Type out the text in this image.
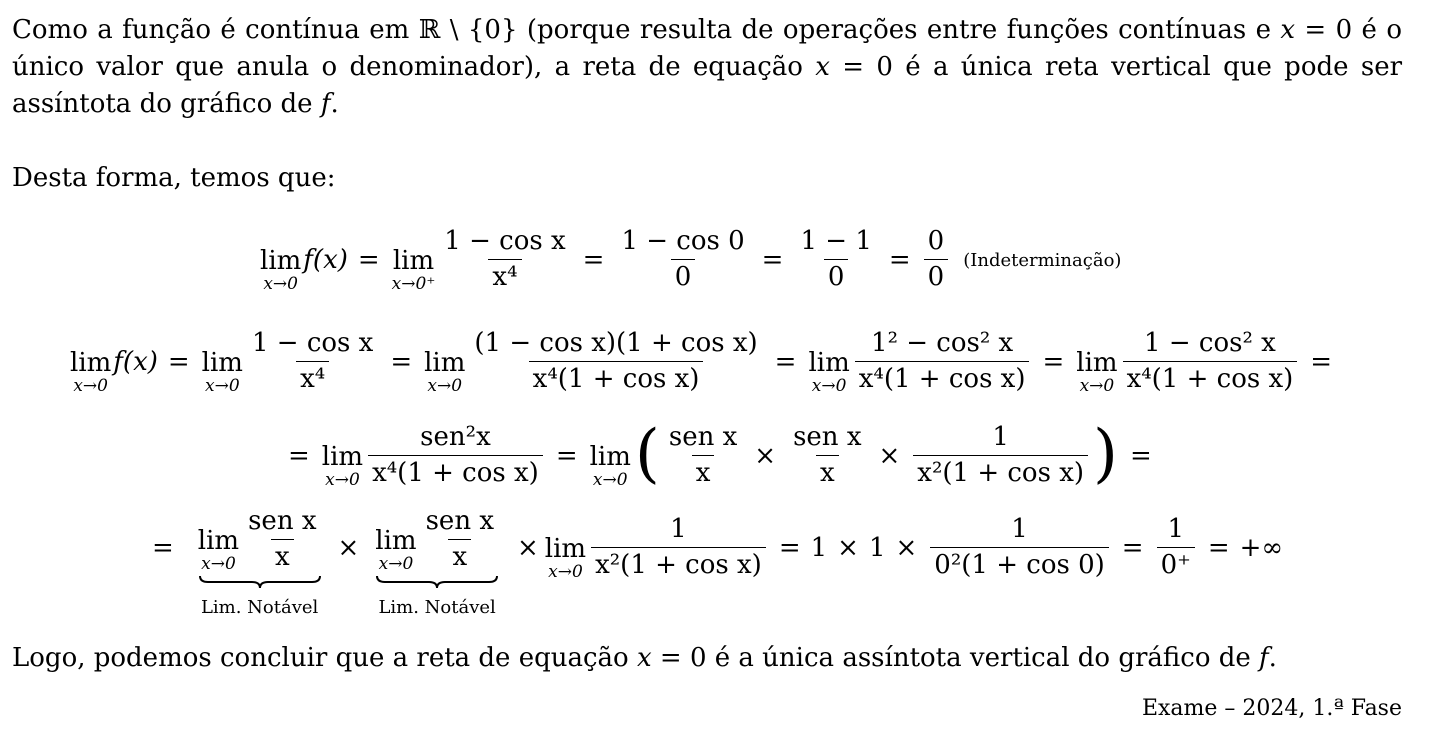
Como a função é contínua em ℝ \ {0} (porque resulta de operações entre funções contínuas e x = 0 é o único valor que anula o denominador), a reta de equação x = 0 é a única reta vertical que pode ser assíntota do gráfico de f.

Desta forma, temos que:

lim
x→0
f(x) = lim
$x\to 0^+ \frac{\text{1 − cos x}}{\text{x⁴}} = \frac{1 - \cos 0}{0} = \frac{1 - 1}{0} = \frac{0}{0}$ (Indeterminação)
lim
x→0
f(x) = lim
$x\to 0 \frac{\text{1 − cos x}}{\text{x⁴}} = \lim$
$x\to 0 \frac{\text{(1 − cos x)(1 + cos x)}}{\text{x⁴(1 + cos x)}} = \lim$
$x\to 0 \frac{\text{1² − cos² x}}{\text{x⁴(1 + cos x)}} = \lim$
$x\to 0 \frac{\text{1 − cos² x}}{\text{x⁴(1 + cos x)}}$ =
= lim
$x\to 0 \frac{\text{sen²x}}{\text{x⁴(1 + cos x)}} = \lim$
x→0 ( $\frac{\text{sen x}}{x} \times \frac{\text{sen x}}{x} \times \frac{1}{\text{x²(1 + cos x)}}$ ) =
= lim
$x\to 0 \frac{\text{sen x}}{x}$
Lim. Notável
× lim
$x\to 0 \frac{\text{sen x}}{x}$
Lim. Notável
× lim
$x\to 0 \frac{1}{\text{x²(1 + cos x)}} = 1 \times 1 \times \frac{1}{\text{0²(1 + cos 0)}} = \frac{1}{0^+}$ = +∞

Logo, podemos concluir que a reta de equação x = 0 é a única assíntota vertical do gráfico de f.

Exame – 2024, 1.ª Fase
